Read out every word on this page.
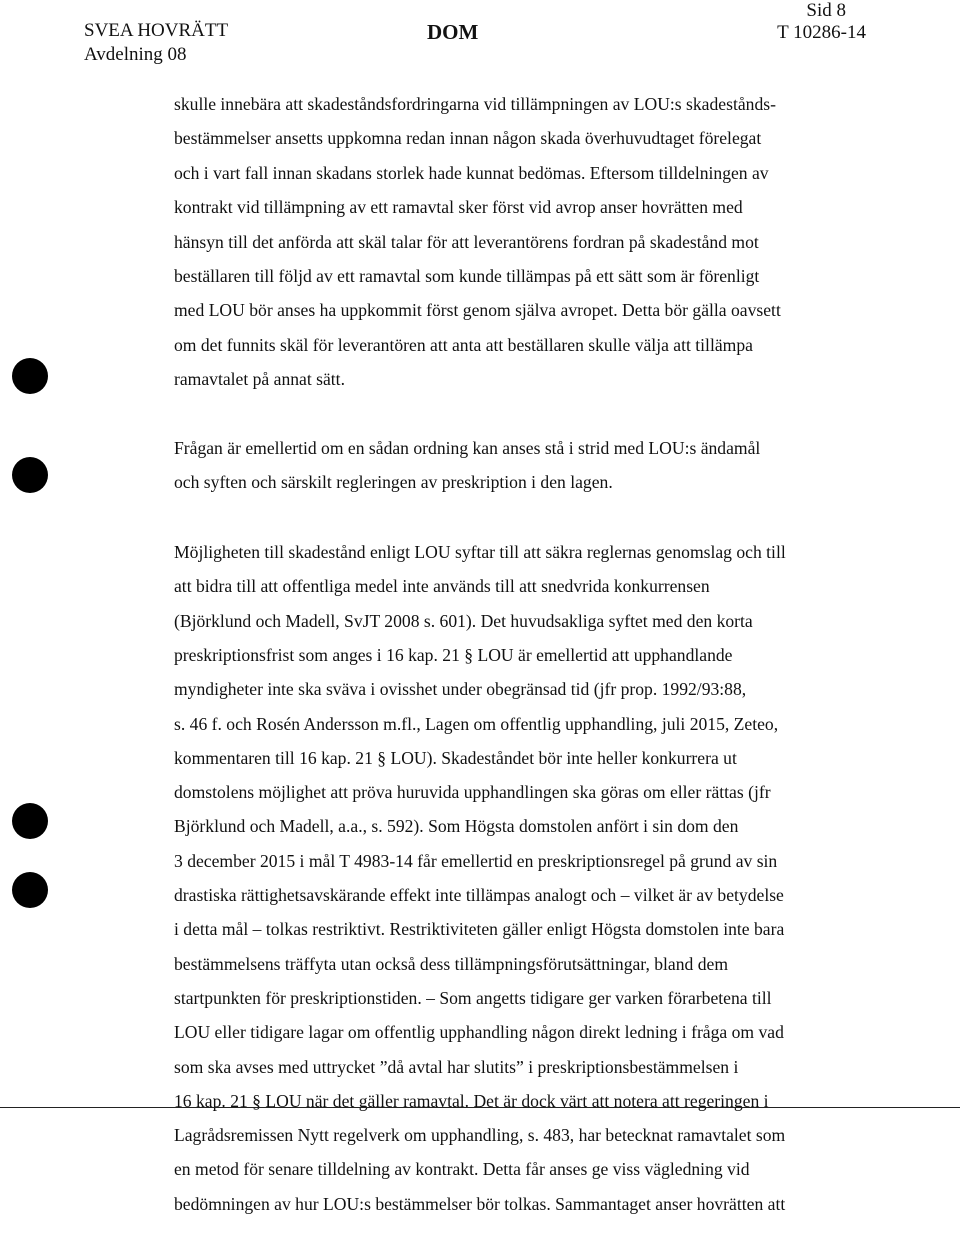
SVEA HOVRÄTT
Avdelning 08
DOM
Sid 8
T 10286-14
skulle innebära att skadeståndsfordringarna vid tillämpningen av LOU:s skadestånds-
bestämmelser ansetts uppkomna redan innan någon skada överhuvudtaget förelegat
och i vart fall innan skadans storlek hade kunnat bedömas. Eftersom tilldelningen av
kontrakt vid tillämpning av ett ramavtal sker först vid avrop anser hovrätten med
hänsyn till det anförda att skäl talar för att leverantörens fordran på skadestånd mot
beställaren till följd av ett ramavtal som kunde tillämpas på ett sätt som är förenligt
med LOU bör anses ha uppkommit först genom själva avropet. Detta bör gälla oavsett
om det funnits skäl för leverantören att anta att beställaren skulle välja att tillämpa
ramavtalet på annat sätt.
Frågan är emellertid om en sådan ordning kan anses stå i strid med LOU:s ändamål
och syften och särskilt regleringen av preskription i den lagen.
Möjligheten till skadestånd enligt LOU syftar till att säkra reglernas genomslag och till
att bidra till att offentliga medel inte används till att snedvrida konkurrensen
(Björklund och Madell, SvJT 2008 s. 601). Det huvudsakliga syftet med den korta
preskriptionsfrist som anges i 16 kap. 21 § LOU är emellertid att upphandlande
myndigheter inte ska sväva i ovisshet under obegränsad tid (jfr prop. 1992/93:88,
s. 46 f. och Rosén Andersson m.fl., Lagen om offentlig upphandling, juli 2015, Zeteo,
kommentaren till 16 kap. 21 § LOU). Skadeståndet bör inte heller konkurrera ut
domstolens möjlighet att pröva huruvida upphandlingen ska göras om eller rättas (jfr
Björklund och Madell, a.a., s. 592). Som Högsta domstolen anfört i sin dom den
3 december 2015 i mål T 4983-14 får emellertid en preskriptionsregel på grund av sin
drastiska rättighetsavskärande effekt inte tillämpas analogt och – vilket är av betydelse
i detta mål – tolkas restriktivt. Restriktiviteten gäller enligt Högsta domstolen inte bara
bestämmelsens träffyta utan också dess tillämpningsförutsättningar, bland dem
startpunkten för preskriptionstiden. – Som angetts tidigare ger varken förarbetena till
LOU eller tidigare lagar om offentlig upphandling någon direkt ledning i fråga om vad
som ska avses med uttrycket ”då avtal har slutits” i preskriptionsbestämmelsen i
16 kap. 21 § LOU när det gäller ramavtal. Det är dock värt att notera att regeringen i
Lagrådsremissen Nytt regelverk om upphandling, s. 483, har betecknat ramavtalet som
en metod för senare tilldelning av kontrakt. Detta får anses ge viss vägledning vid
bedömningen av hur LOU:s bestämmelser bör tolkas. Sammantaget anser hovrätten att
